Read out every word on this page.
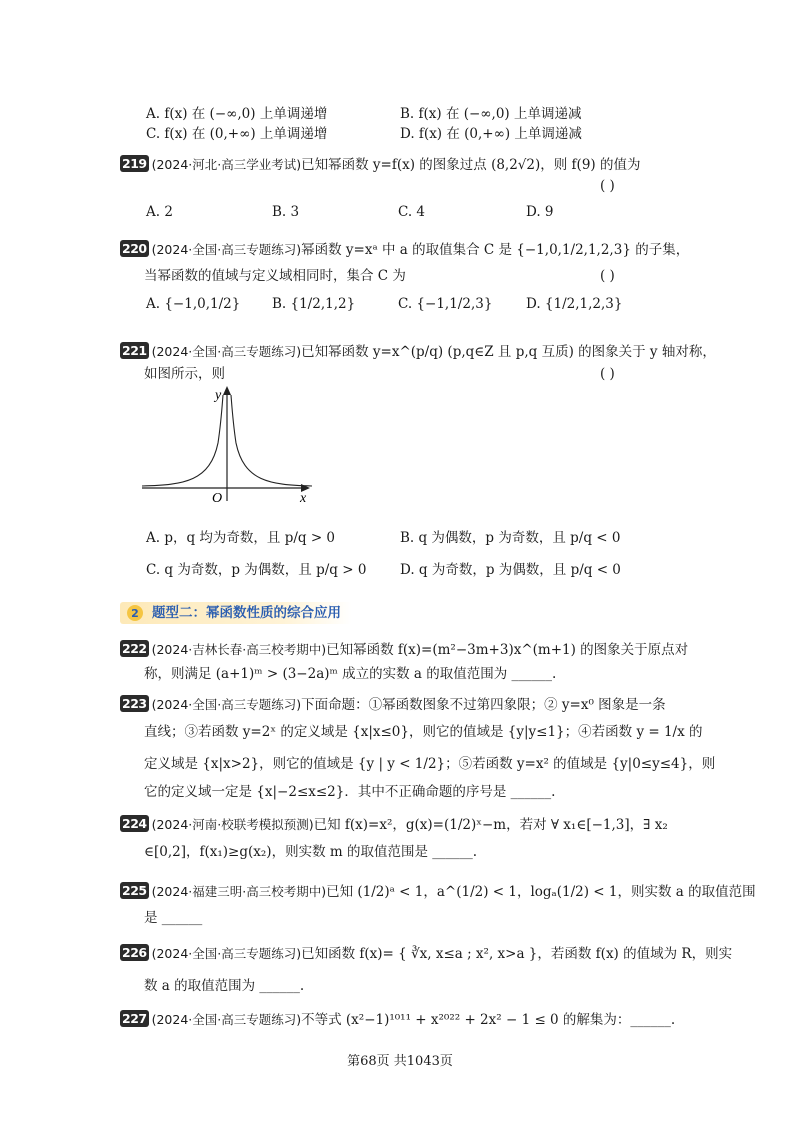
A. f(x) 在 (−∞,0) 上单调递增	B. f(x) 在 (−∞,0) 上单调递减
C. f(x) 在 (0,+∞) 上单调递增	D. f(x) 在 (0,+∞) 上单调递减
219 (2024·河北·高三学业考试)已知幂函数 y=f(x) 的图象过点 (8,2√2)，则 f(9) 的值为
( )
A. 2	B. 3	C. 4	D. 9
220 (2024·全国·高三专题练习)幂函数 y=xᵃ 中 a 的取值集合 C 是 {−1,0,1/2,1,2,3} 的子集，
当幂函数的值域与定义域相同时，集合 C 为	( )
A. {−1,0,1/2} B. {1/2,1,2}	C. {−1,1/2,3} D. {1/2,1,2,3}
221 (2024·全国·高三专题练习)已知幂函数 y=x^(p/q) (p,q∈Z 且 p,q 互质) 的图象关于 y 轴对称，
如图所示，则	( )
y
x
O
A. p，q 均为奇数，且 p/q > 0	B. q 为偶数，p 为奇数，且 p/q < 0
C. q 为奇数，p 为偶数，且 p/q > 0 D. q 为奇数，p 为偶数，且 p/q < 0
2 题型二：幂函数性质的综合应用
222 (2024·吉林长春·高三校考期中)已知幂函数 f(x)=(m²−3m+3)x^(m+1) 的图象关于原点对
称，则满足 (a+1)ᵐ > (3−2a)ᵐ 成立的实数 a 的取值范围为 ______.
223 (2024·全国·高三专题练习)下面命题：①幂函数图象不过第四象限；② y=x⁰ 图象是一条
直线；③若函数 y=2ˣ 的定义域是 {x|x≤0}，则它的值域是 {y|y≤1}；④若函数 y = 1/x 的
定义域是 {x|x>2}，则它的值域是 {y | y < 1/2}；⑤若函数 y=x² 的值域是 {y|0≤y≤4}，则
它的定义域一定是 {x|−2≤x≤2}．其中不正确命题的序号是 ______.
224 (2024·河南·校联考模拟预测)已知 f(x)=x²，g(x)=(1/2)ˣ−m，若对 ∀ x₁∈[−1,3]，∃ x₂
∈[0,2]，f(x₁)≥g(x₂)，则实数 m 的取值范围是 ______.
225 (2024·福建三明·高三校考期中)已知 (1/2)ᵃ < 1，a^(1/2) < 1，logₐ(1/2) < 1，则实数 a 的取值范围
是 ______
226 (2024·全国·高三专题练习)已知函数 f(x)= { ∛x, x≤a ; x², x>a }，若函数 f(x) 的值域为 R，则实
数 a 的取值范围为 ______.
227 (2024·全国·高三专题练习)不等式 (x²−1)¹⁰¹¹ + x²⁰²² + 2x² − 1 ≤ 0 的解集为：______.
第68页 共1043页
